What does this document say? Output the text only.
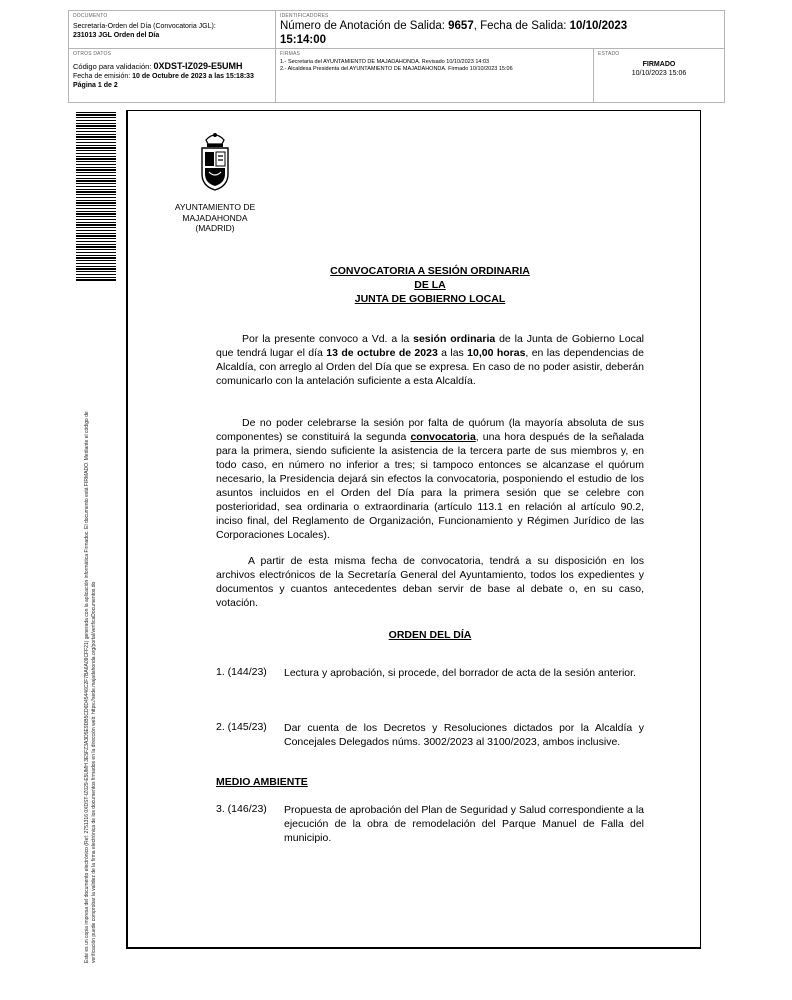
DOCUMENTO
Secretaría-Orden del Día (Convocatoria JGL):
231013 JGL Orden del Día
IDENTIFICADORES
Número de Anotación de Salida: 9657, Fecha de Salida: 10/10/2023
15:14:00
OTROS DATOS
Código para validación: 0XDST-IZ029-E5UMH
Fecha de emisión: 10 de Octubre de 2023 a las 15:18:33
Página 1 de 2
FIRMAS
1.- Secretaria del AYUNTAMIENTO DE MAJADAHONDA. Revisado 10/10/2023 14:03
2.- Alcaldesa Presidenta del AYUNTAMIENTO DE MAJADAHONDA. Firmado 10/10/2023 15:06
ESTADO
FIRMADO
10/10/2023 15:06
Este es un copia impresa del documento electrónico (Ref: 2751316 0XDST-IZ029-E5UMH 3E5FZ3A3D5E9DB5CD6D45446C2F7BA6A09CFF21) generada con la aplicación informática Firmadoc. El documento está FIRMADO. Mediante el código de verificación puede comprobar la validez de la firma electrónica de los documentos firmados en la dirección web: https://sede.majadahonda.org/portal/verificaDocumentos.do
AYUNTAMIENTO DE
MAJADAHONDA
(MADRID)
CONVOCATORIA A SESIÓN ORDINARIA
DE LA
JUNTA DE GOBIERNO LOCAL
Por la presente convoco a Vd. a la sesión ordinaria de la Junta de Gobierno Local que tendrá lugar el día 13 de octubre de 2023 a las 10,00 horas, en las dependencias de Alcaldía, con arreglo al Orden del Día que se expresa. En caso de no poder asistir, deberán comunicarlo con la antelación suficiente a esta Alcaldía.
De no poder celebrarse la sesión por falta de quórum (la mayoría absoluta de sus componentes) se constituirá la segunda convocatoria, una hora después de la señalada para la primera, siendo suficiente la asistencia de la tercera parte de sus miembros y, en todo caso, en número no inferior a tres; si tampoco entonces se alcanzase el quórum necesario, la Presidencia dejará sin efectos la convocatoria, posponiendo el estudio de los asuntos incluidos en el Orden del Día para la primera sesión que se celebre con posterioridad, sea ordinaria o extraordinaria (artículo 113.1 en relación al artículo 90.2, inciso final, del Reglamento de Organización, Funcionamiento y Régimen Jurídico de las Corporaciones Locales).
A partir de esta misma fecha de convocatoria, tendrá a su disposición en los archivos electrónicos de la Secretaría General del Ayuntamiento, todos los expedientes y documentos y cuantos antecedentes deban servir de base al debate o, en su caso, votación.
ORDEN DEL DÍA
1. (144/23) Lectura y aprobación, si procede, del borrador de acta de la sesión anterior.
2. (145/23) Dar cuenta de los Decretos y Resoluciones dictados por la Alcaldía y Concejales Delegados núms. 3002/2023 al 3100/2023, ambos inclusive.
MEDIO AMBIENTE
3. (146/23) Propuesta de aprobación del Plan de Seguridad y Salud correspondiente a la ejecución de la obra de remodelación del Parque Manuel de Falla del municipio.
